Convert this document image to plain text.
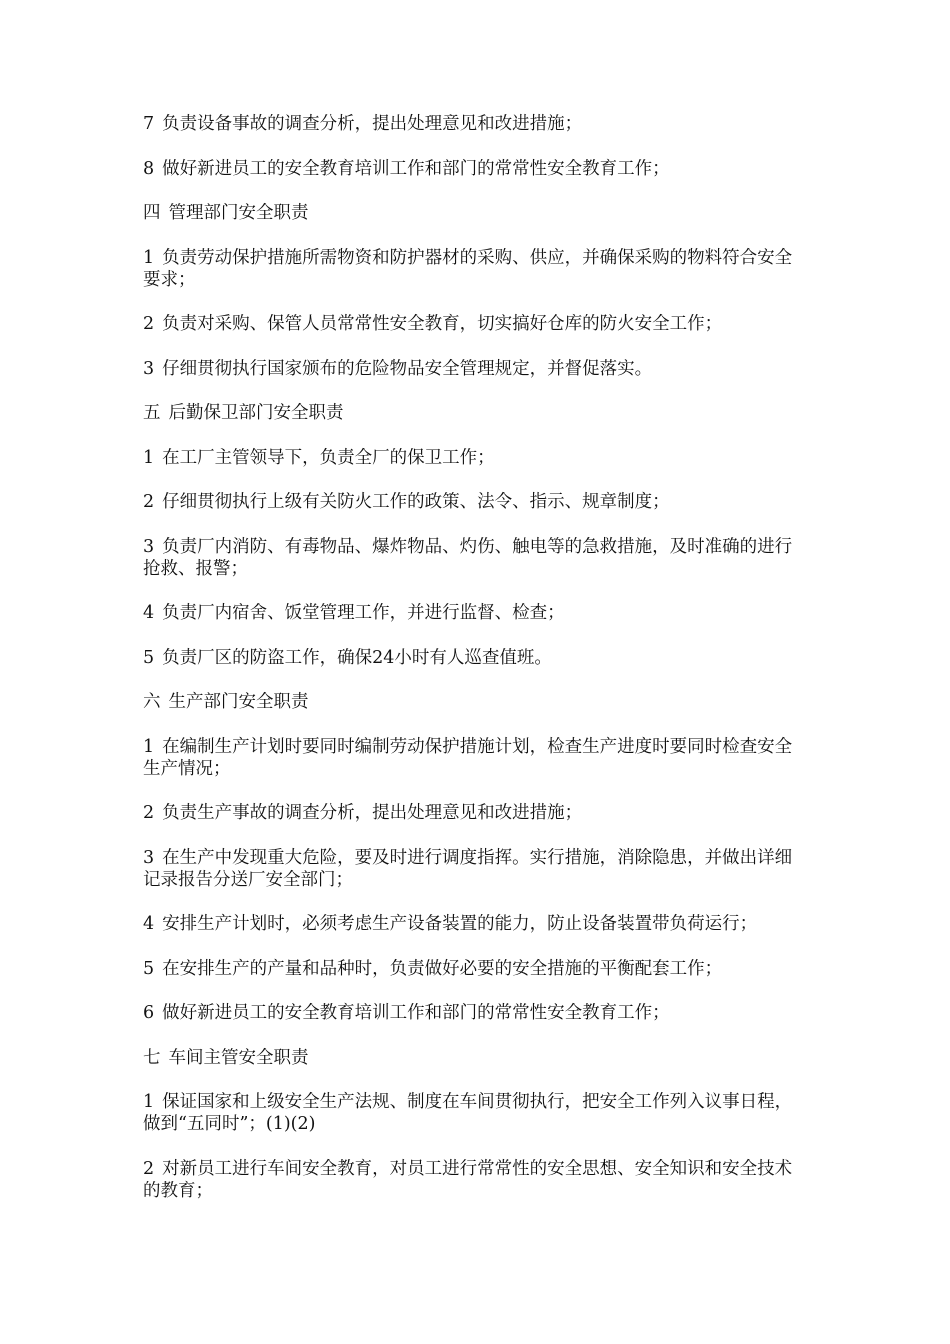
7 负责设备事故的调查分析，提出处理意见和改进措施；

8 做好新进员工的安全教育培训工作和部门的常常性安全教育工作；

四 管理部门安全职责

1 负责劳动保护措施所需物资和防护器材的采购、供应，并确保采购的物料符合安全要求；

2 负责对采购、保管人员常常性安全教育，切实搞好仓库的防火安全工作；

3 仔细贯彻执行国家颁布的危险物品安全管理规定，并督促落实。

五 后勤保卫部门安全职责

1 在工厂主管领导下，负责全厂的保卫工作；

2 仔细贯彻执行上级有关防火工作的政策、法令、指示、规章制度；

3 负责厂内消防、有毒物品、爆炸物品、灼伤、触电等的急救措施，及时准确的进行抢救、报警；

4 负责厂内宿舍、饭堂管理工作，并进行监督、检查；

5 负责厂区的防盗工作，确保24小时有人巡查值班。

六 生产部门安全职责

1 在编制生产计划时要同时编制劳动保护措施计划，检查生产进度时要同时检查安全生产情况；

2 负责生产事故的调查分析，提出处理意见和改进措施；

3 在生产中发现重大危险，要及时进行调度指挥。实行措施，消除隐患，并做出详细记录报告分送厂安全部门；

4 安排生产计划时，必须考虑生产设备装置的能力，防止设备装置带负荷运行；

5 在安排生产的产量和品种时，负责做好必要的安全措施的平衡配套工作；

6 做好新进员工的安全教育培训工作和部门的常常性安全教育工作；

七 车间主管安全职责

1 保证国家和上级安全生产法规、制度在车间贯彻执行，把安全工作列入议事日程，做到“五同时”；(1)(2)

2 对新员工进行车间安全教育，对员工进行常常性的安全思想、安全知识和安全技术的教育；
